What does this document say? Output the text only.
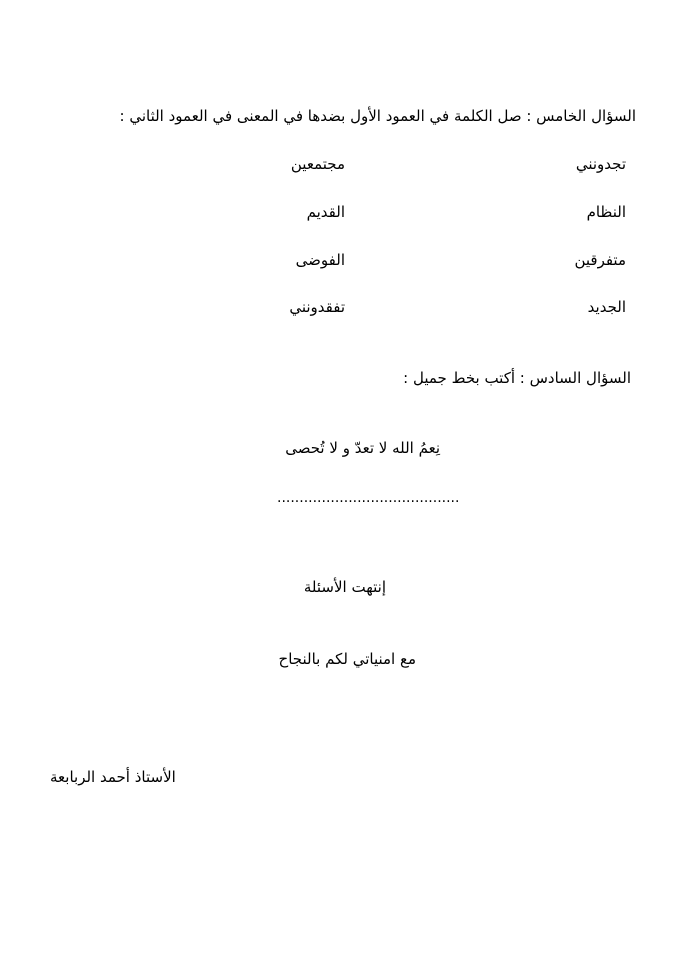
السؤال الخامس : صل الكلمة في العمود الأول بضدها في المعنى في العمود الثاني :
تجدونني
مجتمعين
النظام
القديم
متفرقين
الفوضى
الجديد
تفقدونني
السؤال السادس : أكتب بخط جميل :
نِعمُ الله لا تعدّ و لا تُحصى
.........................................
إنتهت الأسئلة
مع امنياتي لكم بالنجاح
الأستاذ أحمد الربابعة
